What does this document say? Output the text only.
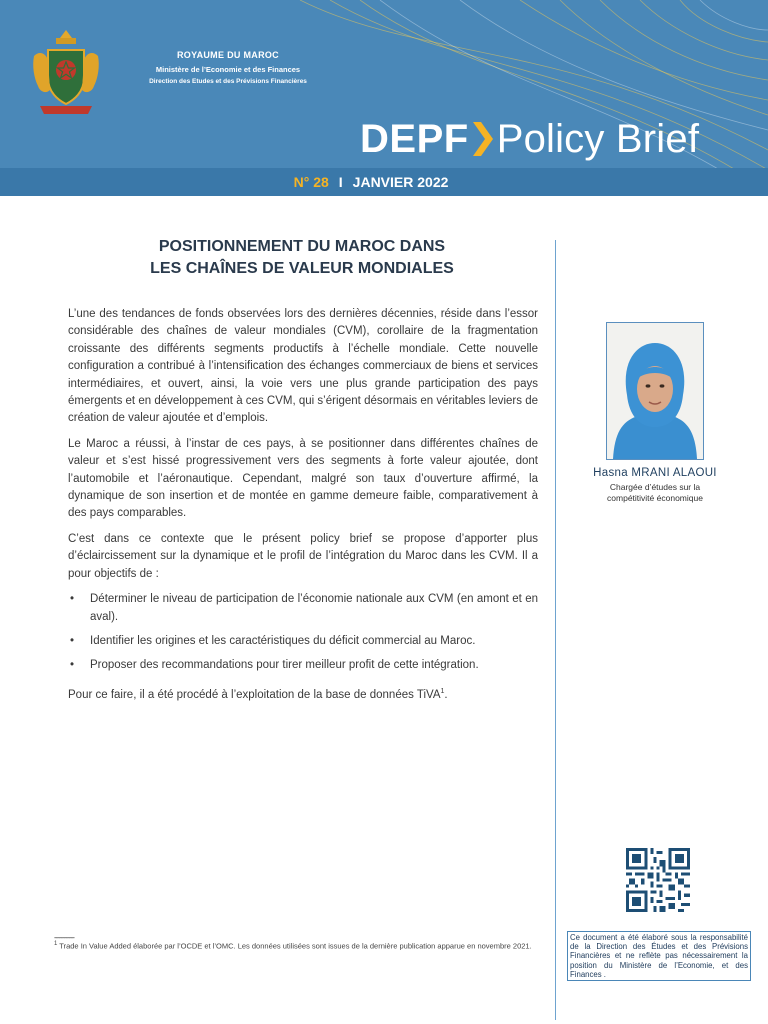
ROYAUME DU MAROC
Ministère de l’Economie et des Finances
Direction des Etudes et des Prévisions Financières
DEPF Policy Brief
N° 28 I JANVIER 2022
POSITIONNEMENT DU MAROC DANS
LES CHAÎNES DE VALEUR MONDIALES

L’une des tendances de fonds observées lors des dernières décennies, réside dans l’essor considérable des chaînes de valeur mondiales (CVM), corollaire de la fragmentation croissante des différents segments productifs à l’échelle mondiale. Cette nouvelle configuration a contribué à l’intensification des échanges commerciaux de biens et services intermédiaires, et ouvert, ainsi, la voie vers une plus grande participation des pays émergents et en développement à ces CVM, qui s’érigent désormais en véritables leviers de création de valeur ajoutée et d’emplois.

Le Maroc a réussi, à l’instar de ces pays, à se positionner dans différentes chaînes de valeur et s’est hissé progressivement vers des segments à forte valeur ajoutée, dont l’automobile et l’aéronautique. Cependant, malgré son taux d’ouverture affirmé, la dynamique de son insertion et de montée en gamme demeure faible, comparativement à des pays comparables.

C’est dans ce contexte que le présent policy brief se propose d’apporter plus d’éclaircissement sur la dynamique et le profil de l’intégration du Maroc dans les CVM. Il a pour objectifs de :

• Déterminer le niveau de participation de l’économie nationale aux CVM (en amont et en aval).
• Identifier les origines et les caractéristiques du déficit commercial au Maroc.
• Proposer des recommandations pour tirer meilleur profit de cette intégration.

Pour ce faire, il a été procédé à l’exploitation de la base de données TiVA$^1$.

Hasna MRANI ALAOUI
Chargée d’études sur la
compétitivité économique
------------
$^1$ Trade In Value Added élaborée par l’OCDE et l’OMC. Les données utilisées sont issues de la dernière publication apparue en novembre 2021.
Ce document a été élaboré sous la responsabilité de la Direction des Études et des Prévisions Financières et ne reflète pas nécessairement la position du Ministère de l’Economie, et des Finances .
